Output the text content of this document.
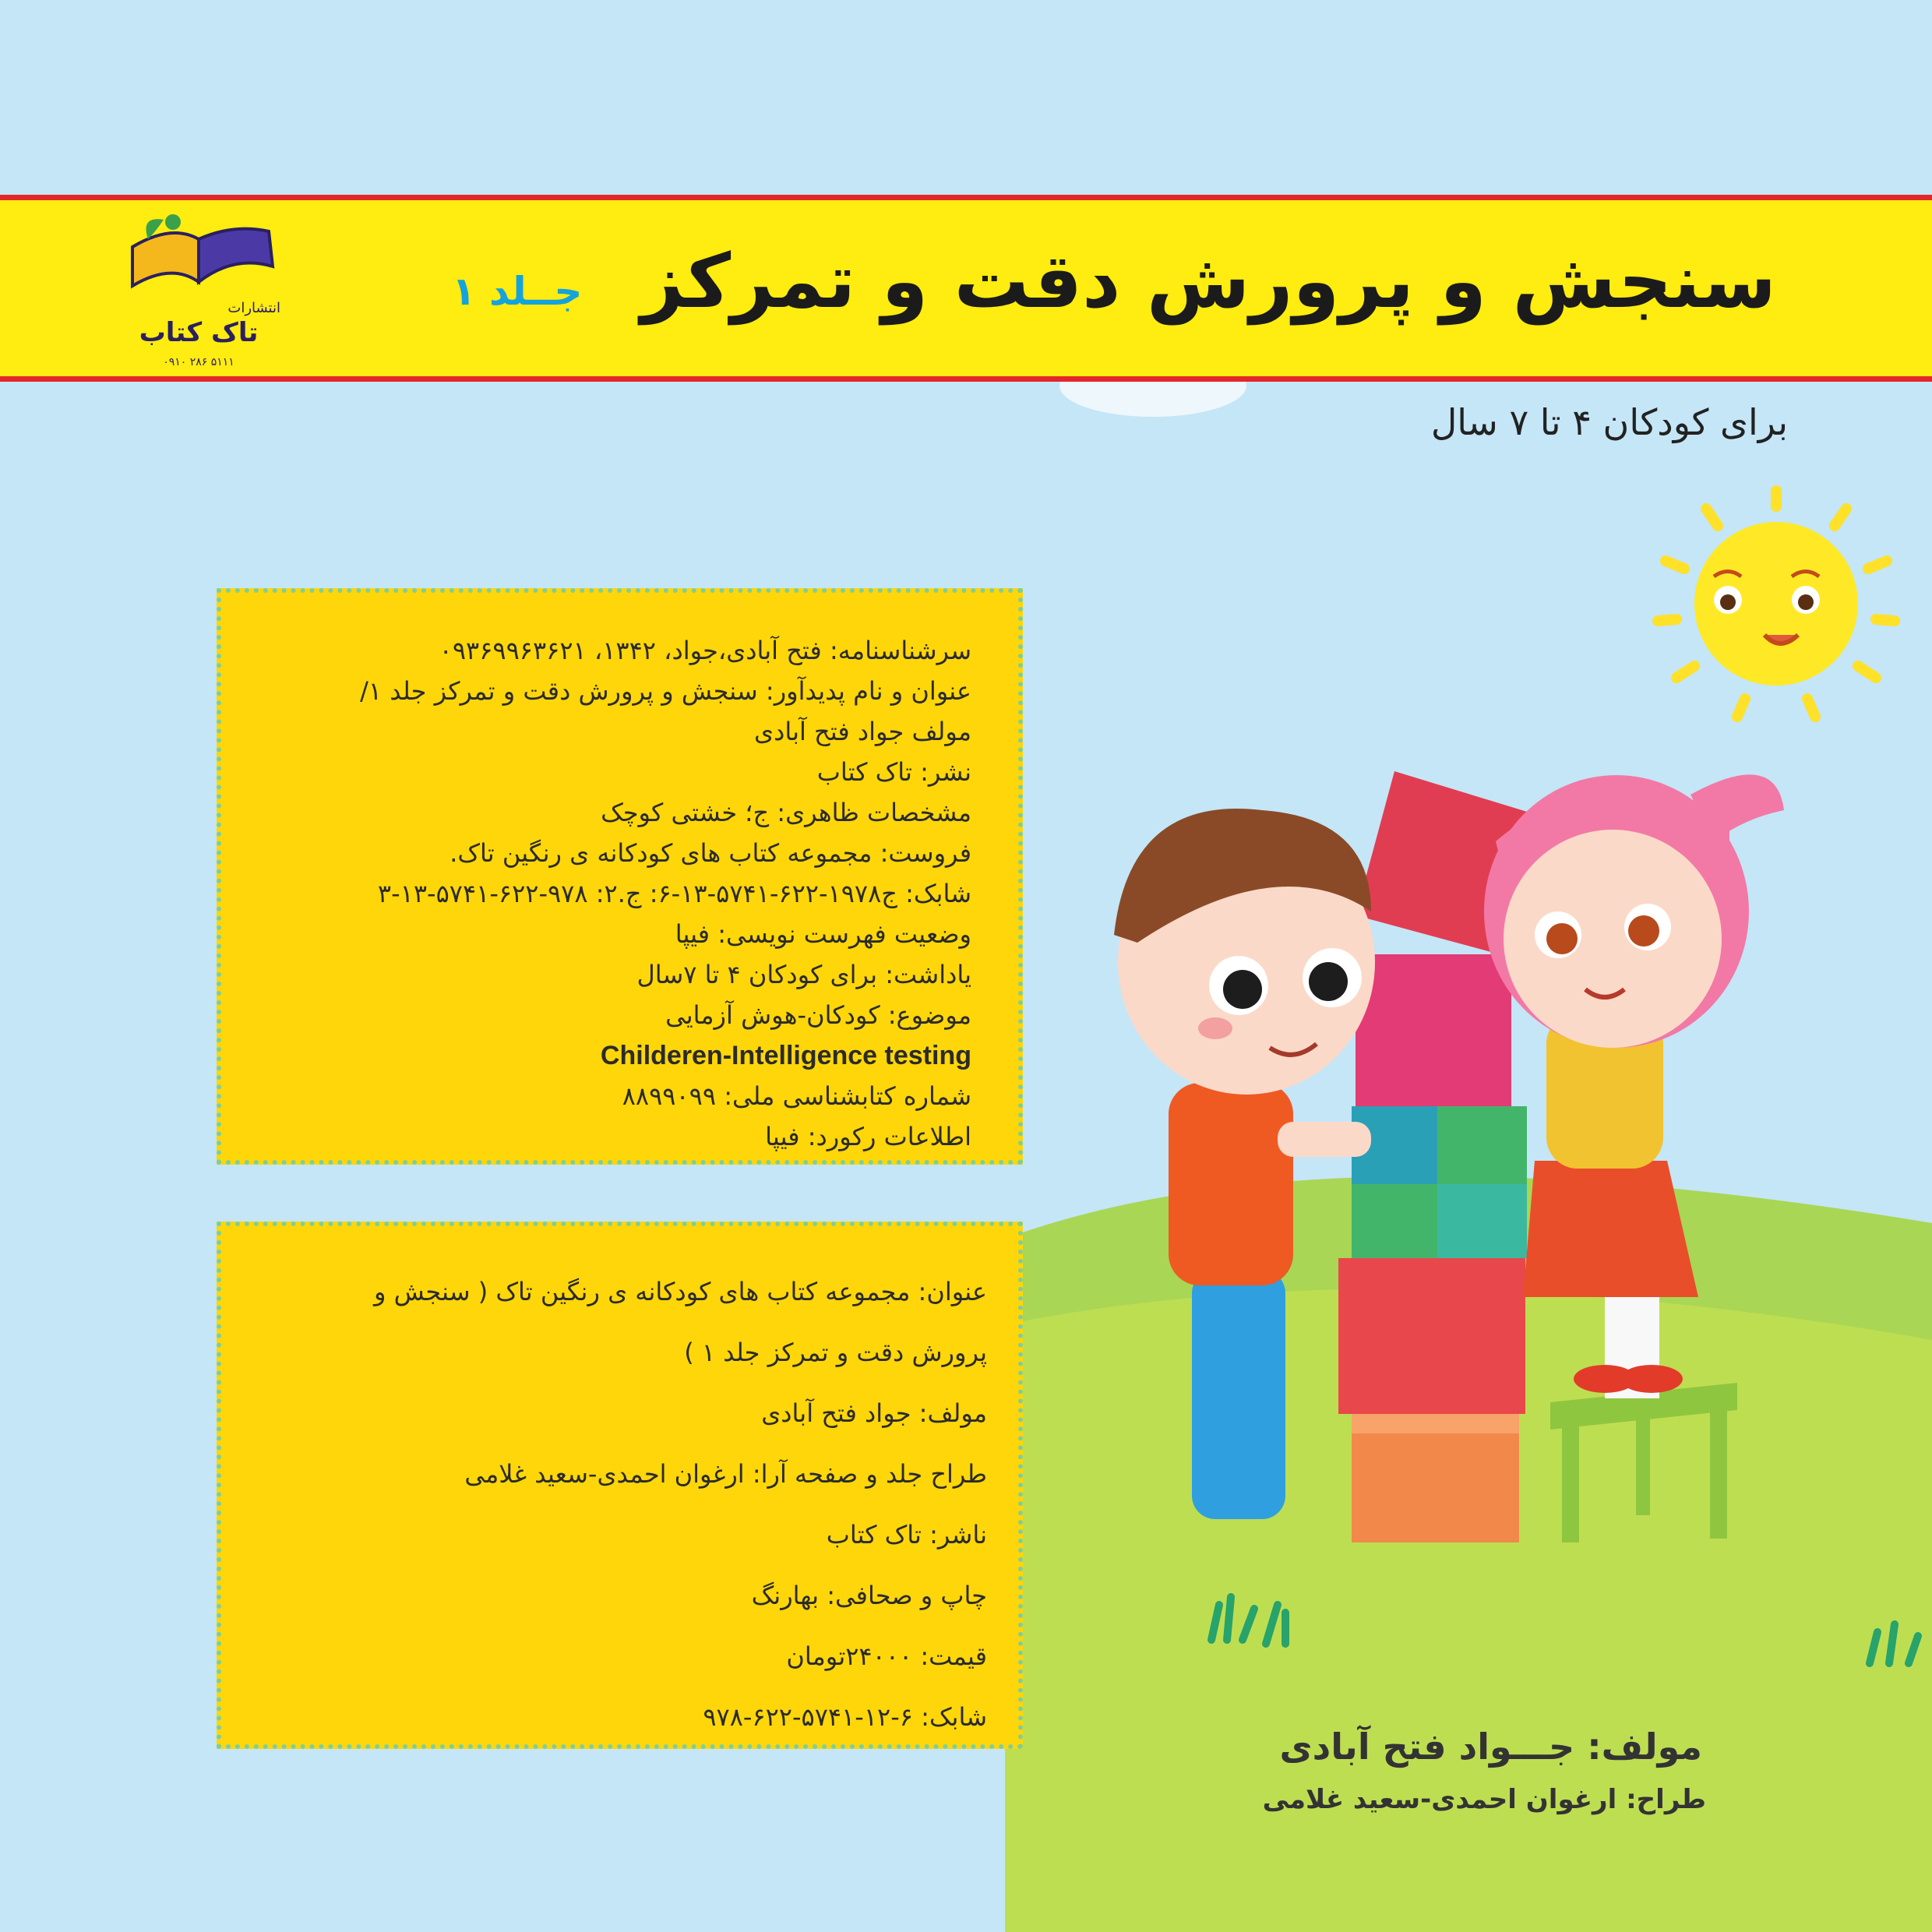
انتشارات
تاک کتاب
۰۹۱۰ ۲۸۶ ۵۱۱۱
جــلد ۱ سنجش و پرورش دقت و تمرکز
برای کودکان ۴ تا ۷ سال
سرشناسنامه: فتح آبادی،جواد، ۱۳۴۲، ۰۹۳۶۹۹۶۳۶۲۱
عنوان و نام پدیدآور: سنجش و پرورش دقت و تمرکز جلد ۱/
مولف جواد فتح آبادی
نشر: تاک کتاب
مشخصات ظاهری: ج؛ خشتی کوچک
فروست: مجموعه کتاب های کودکانه ی رنگین تاک.
شابک: ج۱۹۷۸-۶۲۲-۵۷۴۱-۱۳-۶: ج.۲: ۹۷۸-۶۲۲-۵۷۴۱-۱۳-۳
وضعیت فهرست نویسی: فیپا
یاداشت: برای کودکان ۴ تا ۷سال
موضوع: کودکان-هوش آزمایی
Childeren-Intelligence testing
شماره کتابشناسی ملی: ۸۸۹۹۰۹۹
اطلاعات رکورد: فیپا
عنوان: مجموعه کتاب های کودکانه ی رنگین تاک ( سنجش و
پرورش دقت و تمرکز جلد ۱ )
مولف: جواد فتح آبادی
طراح جلد و صفحه آرا: ارغوان احمدی-سعید غلامی
ناشر: تاک کتاب
چاپ و صحافی: بهارنگ
قیمت: ۲۴۰۰۰تومان
شابک: ۶-۱۲-۵۷۴۱-۶۲۲-۹۷۸
مولف: جـــواد فتح آبادی
طراح: ارغوان احمدی-سعید غلامی
